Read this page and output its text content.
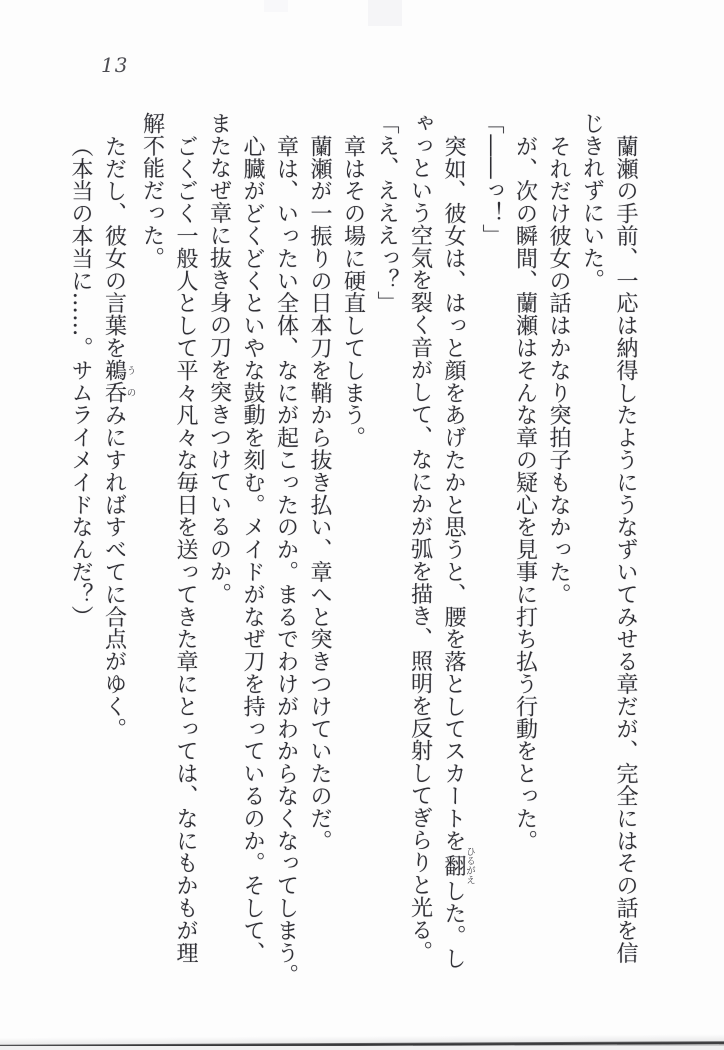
13

蘭瀬の手前、一応は納得したようにうなずいてみせる章だが、完全にはその話を信

じきれずにいた。

それだけ彼女の話はかなり突拍子もなかった。

が、次の瞬間、蘭瀬はそんな章の疑心を見事に打ち払う行動をとった。

「――っ！」

突如、彼女は、はっと顔をあげたかと思うと、腰を落としてスカートを翻ひるがえした。し

ゃっという空気を裂く音がして、なにかが弧を描き、照明を反射してぎらりと光る。

「え、えええっ？」

章はその場に硬直してしまう。

蘭瀬が一振りの日本刀を鞘から抜き払い、章へと突きつけていたのだ。

章は、いったい全体、なにが起こったのか。まるでわけがわからなくなってしまう。

心臓がどくどくといやな鼓動を刻む。メイドがなぜ刀を持っているのか。そして、

またなぜ章に抜き身の刀を突きつけているのか。

ごくごく一般人として平々凡々な毎日を送ってきた章にとっては、なにもかもが理

解不能だった。

ただし、彼女の言葉を鵜う呑のみにすればすべてに合点がゆく。

（本当の本当に……。サムライメイドなんだ？）
